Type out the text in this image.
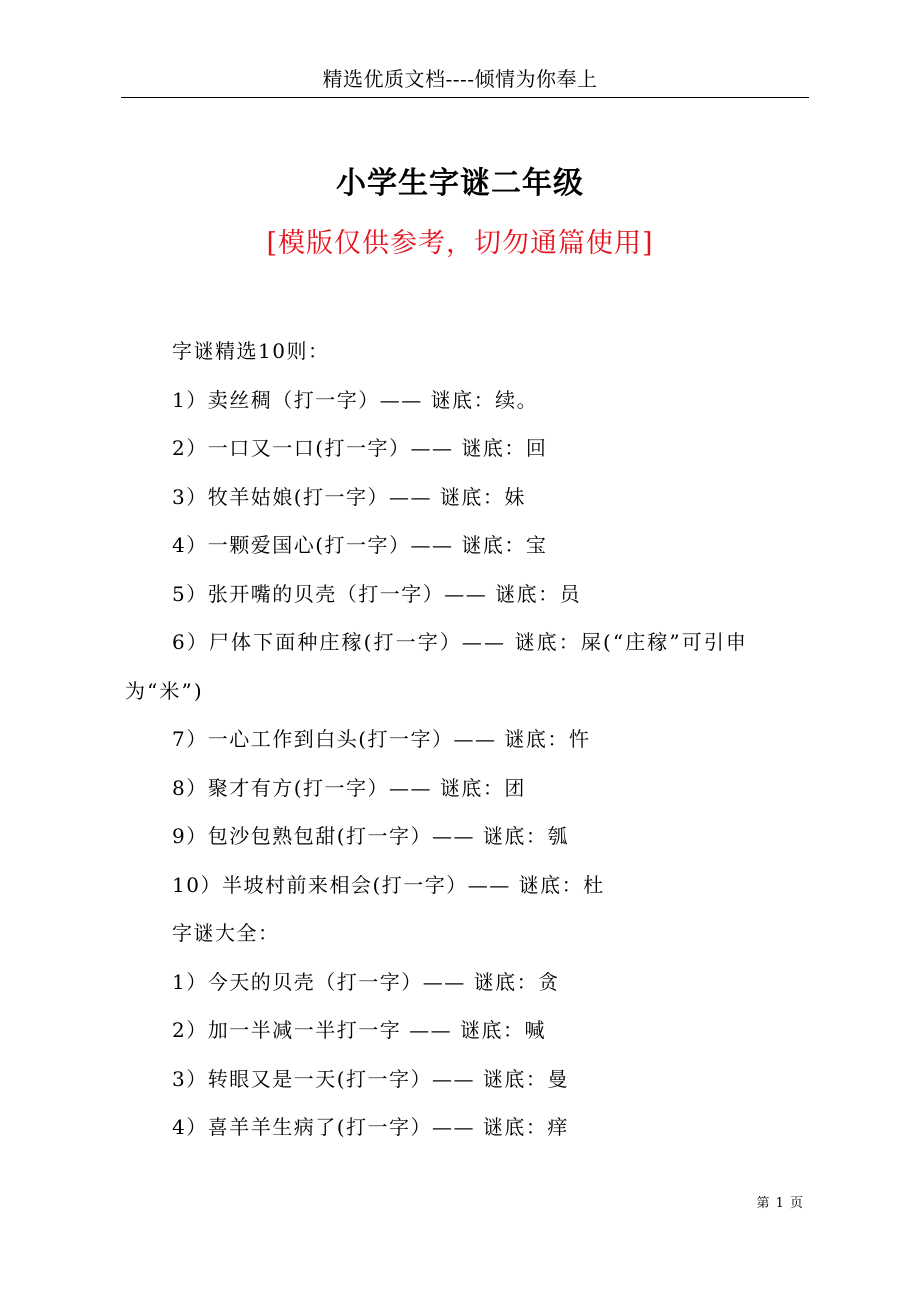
精选优质文档----倾情为你奉上
小学生字谜二年级
[模版仅供参考，切勿通篇使用]
字谜精选10则：
1）卖丝稠（打一字）—— 谜底：续。
2）一口又一口(打一字）—— 谜底：回
3）牧羊姑娘(打一字）—— 谜底：妹
4）一颗爱国心(打一字）—— 谜底：宝
5）张开嘴的贝壳（打一字）—— 谜底：员
6）尸体下面种庄稼(打一字）—— 谜底：屎(“庄稼”可引申为“米”)
7）一心工作到白头(打一字）—— 谜底：忤
8）聚才有方(打一字）—— 谜底：团
9）包沙包熟包甜(打一字）—— 谜底：瓠
10）半坡村前来相会(打一字）—— 谜底：杜
字谜大全：
1）今天的贝壳（打一字）—— 谜底：贪
2）加一半减一半打一字 —— 谜底：喊
3）转眼又是一天(打一字）—— 谜底：曼
4）喜羊羊生病了(打一字）—— 谜底：痒
第 1 页
